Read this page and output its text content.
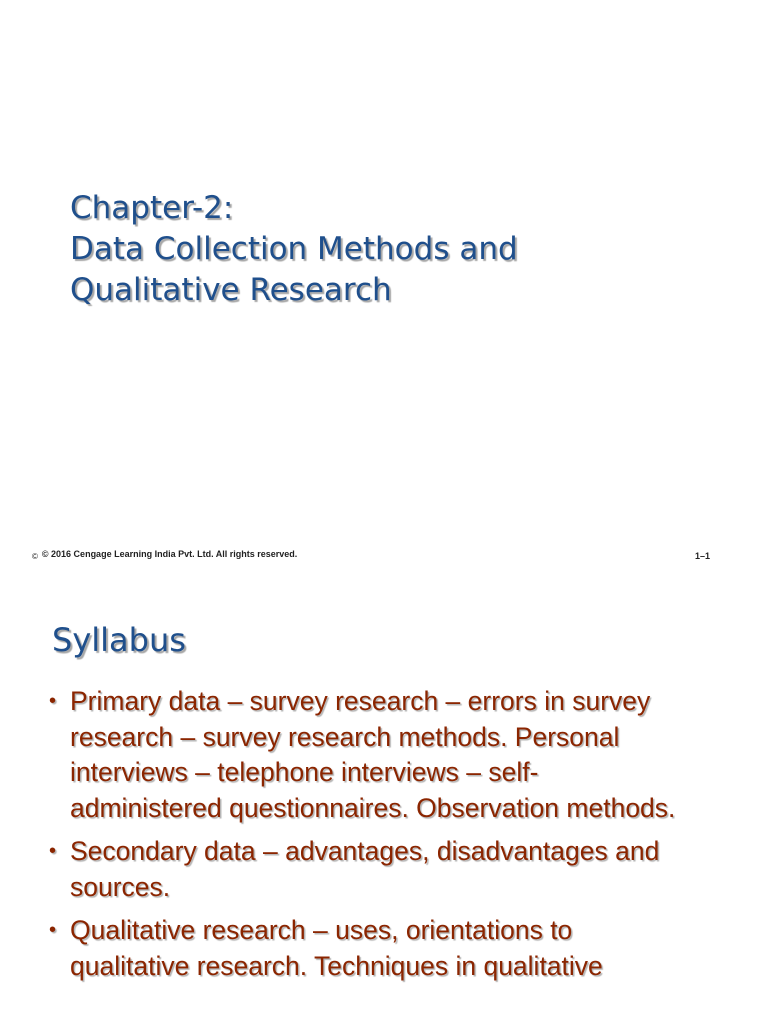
Chapter-2:
Data Collection Methods and
Qualitative Research
© © 2016 Cengage Learning India Pvt. Ltd. All rights reserved.	1–1
Syllabus
• Primary data – survey research – errors in survey research – survey research methods. Personal interviews – telephone interviews – self-administered questionnaires. Observation methods.
• Secondary data – advantages, disadvantages and sources.
• Qualitative research – uses, orientations to qualitative research. Techniques in qualitative
